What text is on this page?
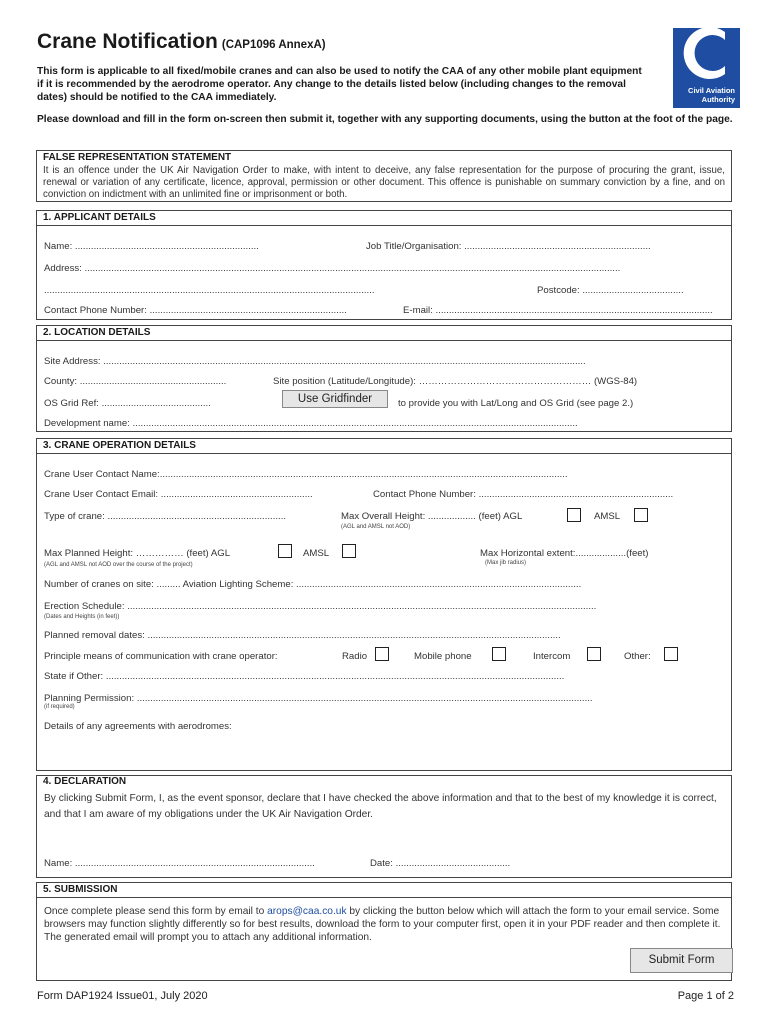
Crane Notification (CAP1096 AnnexA)
This form is applicable to all fixed/mobile cranes and can also be used to notify the CAA of any other mobile plant equipment if it is recommended by the aerodrome operator. Any change to the details listed below (including changes to the removal dates) should be notified to the CAA immediately.
Please download and fill in the form on-screen then submit it, together with any supporting documents, using the button at the foot of the page.
Civil Aviation
Authority
FALSE REPRESENTATION STATEMENT
It is an offence under the UK Air Navigation Order to make, with intent to deceive, any false representation for the purpose of procuring the grant, issue, renewal or variation of any certificate, licence, approval, permission or other document. This offence is punishable on summary conviction by a fine, and on conviction on indictment with an unlimited fine or imprisonment or both.
1. APPLICANT DETAILS
Name: .....................................................................	Job Title/Organisation: ......................................................................
Address: .........................................................................................................................................................................................................
............................................................................................................................	Postcode: ......................................
Contact Phone Number: ..........................................................................	E-mail: ........................................................................................................
2. LOCATION DETAILS
Site Address: .....................................................................................................................................................................................
County: .......................................................	Site position (Latitude/Longitude): ……………………………………………… (WGS-84)
OS Grid Ref: .........................................	Use Gridfinder	to provide you with Lat/Long and OS Grid (see page 2.)
Development name: .......................................................................................................................................................................
3. CRANE OPERATION DETAILS
Crane User Contact Name:.........................................................................................................................................................
Crane User Contact Email: .........................................................	Contact Phone Number: .........................................................................
Type of crane: ...................................................................	Max Overall Height: .................. (feet) AGL	AMSL
(AGL and AMSL not AOD)
Max Planned Height: …………… (feet) AGL	AMSL
(AGL and AMSL not AOD over the course of the project)
Max Horizontal extent:...................(feet)
(Max jib radius)
Number of cranes on site: ......... Aviation Lighting Scheme: ...........................................................................................................
Erection Schedule: ................................................................................................................................................................................
(Dates and Heights (in feet))
Planned removal dates: ...........................................................................................................................................................
Principle means of communication with crane operator:	Radio	Mobile phone	Intercom	Other:
State if Other: ............................................................................................................................................................................
Planning Permission: ...........................................................................................................................................................................
(if required)
Details of any agreements with aerodromes:
4. DECLARATION
By clicking Submit Form, I, as the event sponsor, declare that I have checked the above information and that to the best of my knowledge it is correct, and that I am aware of my obligations under the UK Air Navigation Order.
Name: ..........................................................................................	Date: ...........................................
5. SUBMISSION
Once complete please send this form by email to arops@caa.co.uk by clicking the button below which will attach the form to your email service. Some browsers may function slightly differently so for best results, download the form to your computer first, open it in your PDF reader and then complete it. The generated email will prompt you to attach any additional information.
Submit Form
Form DAP1924 Issue01, July 2020	Page 1 of 2
